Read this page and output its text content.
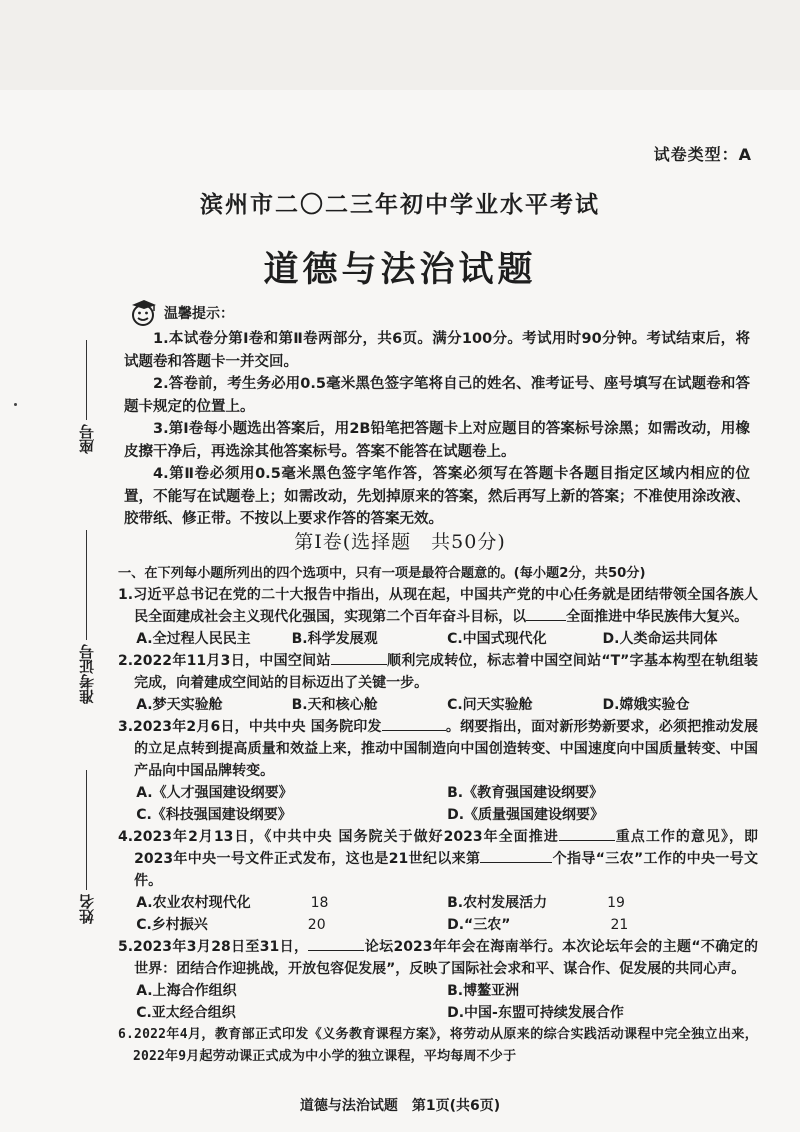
试卷类型：A
滨州市二〇二三年初中学业水平考试
道德与法治试题
温馨提示：

1.本试卷分第Ⅰ卷和第Ⅱ卷两部分，共6页。满分100分。考试用时90分钟。考试结束后，将试题卷和答题卡一并交回。

2.答卷前，考生务必用0.5毫米黑色签字笔将自己的姓名、准考证号、座号填写在试题卷和答题卡规定的位置上。

3.第Ⅰ卷每小题选出答案后，用2B铅笔把答题卡上对应题目的答案标号涂黑；如需改动，用橡皮擦干净后，再选涂其他答案标号。答案不能答在试题卷上。

4.第Ⅱ卷必须用0.5毫米黑色签字笔作答，答案必须写在答题卡各题目指定区域内相应的位置，不能写在试题卷上；如需改动，先划掉原来的答案，然后再写上新的答案；不准使用涂改液、胶带纸、修正带。不按以上要求作答的答案无效。

第Ⅰ卷(选择题　共50分)
一、在下列每小题所列出的四个选项中，只有一项是最符合题意的。(每小题2分，共50分)

1.习近平总书记在党的二十大报告中指出，从现在起，中国共产党的中心任务就是团结带领全国各族人民全面建成社会主义现代化强国，实现第二个百年奋斗目标，以	全面推进中华民族伟大复兴。

A.全过程人民民主	B.科学发展观	C.中国式现代化	D.人类命运共同体

2.2022年11月3日，中国空间站	顺利完成转位，标志着中国空间站“T”字基本构型在轨组装完成，向着建成空间站的目标迈出了关键一步。

A.梦天实验舱	B.天和核心舱	C.问天实验舱	D.嫦娥实验仓

3.2023年2月6日，中共中央 国务院印发	。纲要指出，面对新形势新要求，必须把推动发展的立足点转到提高质量和效益上来，推动中国制造向中国创造转变、中国速度向中国质量转变、中国产品向中国品牌转变。

A.《人才强国建设纲要》	B.《教育强国建设纲要》
C.《科技强国建设纲要》	D.《质量强国建设纲要》

4.2023年2月13日，《中共中央 国务院关于做好2023年全面推进	重点工作的意见》，即2023年中央一号文件正式发布，这也是21世纪以来第	个指导“三农”工作的中央一号文件。

A.农业农村现代化	18	B.农村发展活力	19
C.乡村振兴	20	D.“三农”	21

5.2023年3月28日至31日，	论坛2023年年会在海南举行。本次论坛年会的主题“不确定的世界：团结合作迎挑战，开放包容促发展”，反映了国际社会求和平、谋合作、促发展的共同心声。

A.上海合作组织	B.博鳌亚洲
C.亚太经合组织	D.中国-东盟可持续发展合作

6.2022年4月，教育部正式印发《义务教育课程方案》，将劳动从原来的综合实践活动课程中完全独立出来，2022年9月起劳动课正式成为中小学的独立课程，平均每周不少于

座号
准考证号
姓名
道德与法治试题　第1页(共6页)
